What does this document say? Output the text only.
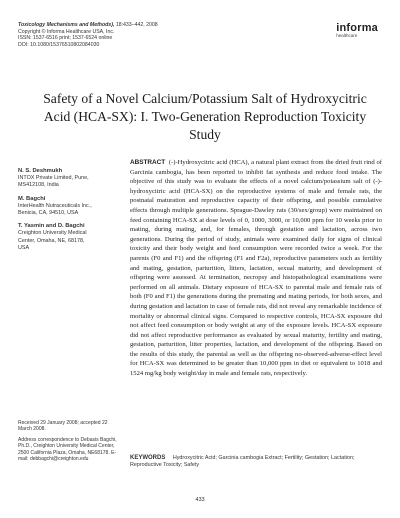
Toxicology Mechanisms and Methods), 18:433–442, 2008
Copyright © Informa Healthcare USA, Inc.
ISSN: 1537-6516 print; 1537-6524 online
DOI: 10.1080/15376510802084030
informa
healthcare
Safety of a Novel Calcium/Potassium Salt of Hydroxycitric Acid (HCA-SX): I. Two-Generation Reproduction Toxicity Study
N. S. Deshmukh
INTOX Private Limited, Pune,
MS412108, India
M. Bagchi
InterHealth Nutraceuticals Inc.,
Benicia, CA, 94510, USA
T. Yasmin and D. Bagchi
Creighton University Medical
Center, Omaha, NE, 68178,
USA
ABSTRACT (-)-Hydroxycitric acid (HCA), a natural plant extract from the dried fruit rind of Garcinia cambogia, has been reported to inhibit fat synthesis and reduce food intake. The objective of this study was to evaluate the effects of a novel calcium/potassium salt of (-)-hydroxycitric acid (HCA-SX) on the reproductive systems of male and female rats, the postnatal maturation and reproductive capacity of their offspring, and possible cumulative effects through multiple generations. Sprague-Dawley rats (30/sex/group) were maintained on feed containing HCA-SX at dose levels of 0, 1000, 3000, or 10,000 ppm for 10 weeks prior to mating, during mating, and, for females, through gestation and lactation, across two generations. During the period of study, animals were examined daily for signs of clinical toxicity and their body weight and feed consumption were recorded twice a week. For the parents (F0 and F1) and the offspring (F1 and F2a), reproductive parameters such as fertility and mating, gestation, parturition, litters, lactation, sexual maturity, and development of offspring were assessed. At termination, necropsy and histopathological examinations were performed on all animals. Dietary exposure of HCA-SX to parental male and female rats of both (F0 and F1) the generations during the premating and mating periods, for both sexes, and during gestation and lactation in case of female rats, did not reveal any remarkable incidence of mortality or abnormal clinical signs. Compared to respective controls, HCA-SX exposure did not affect feed consumption or body weight at any of the exposure levels. HCA-SX exposure did not affect reproductive performance as evaluated by sexual maturity, fertility and mating, gestation, parturition, litter properties, lactation, and development of the offspring. Based on the results of this study, the parental as well as the offspring no-observed-adverse-effect level for HCA-SX was determined to be greater than 10,000 ppm in diet or equivalent to 1018 and 1524 mg/kg body weight/day in male and female rats, respectively.
Received 29 January 2008; accepted 22 March 2008.
Address correspondence to Debasis Bagchi, Ph.D., Creighton University Medical Center, 2500 California Plaza, Omaha, NE68178. E-mail: debbagchi@creighton.edu	KEYWORDS Hydroxycitric Acid; Garcinia cambogia Extract; Fertility; Gestation; Lactation; Reproductive Toxicity; Safety
433
